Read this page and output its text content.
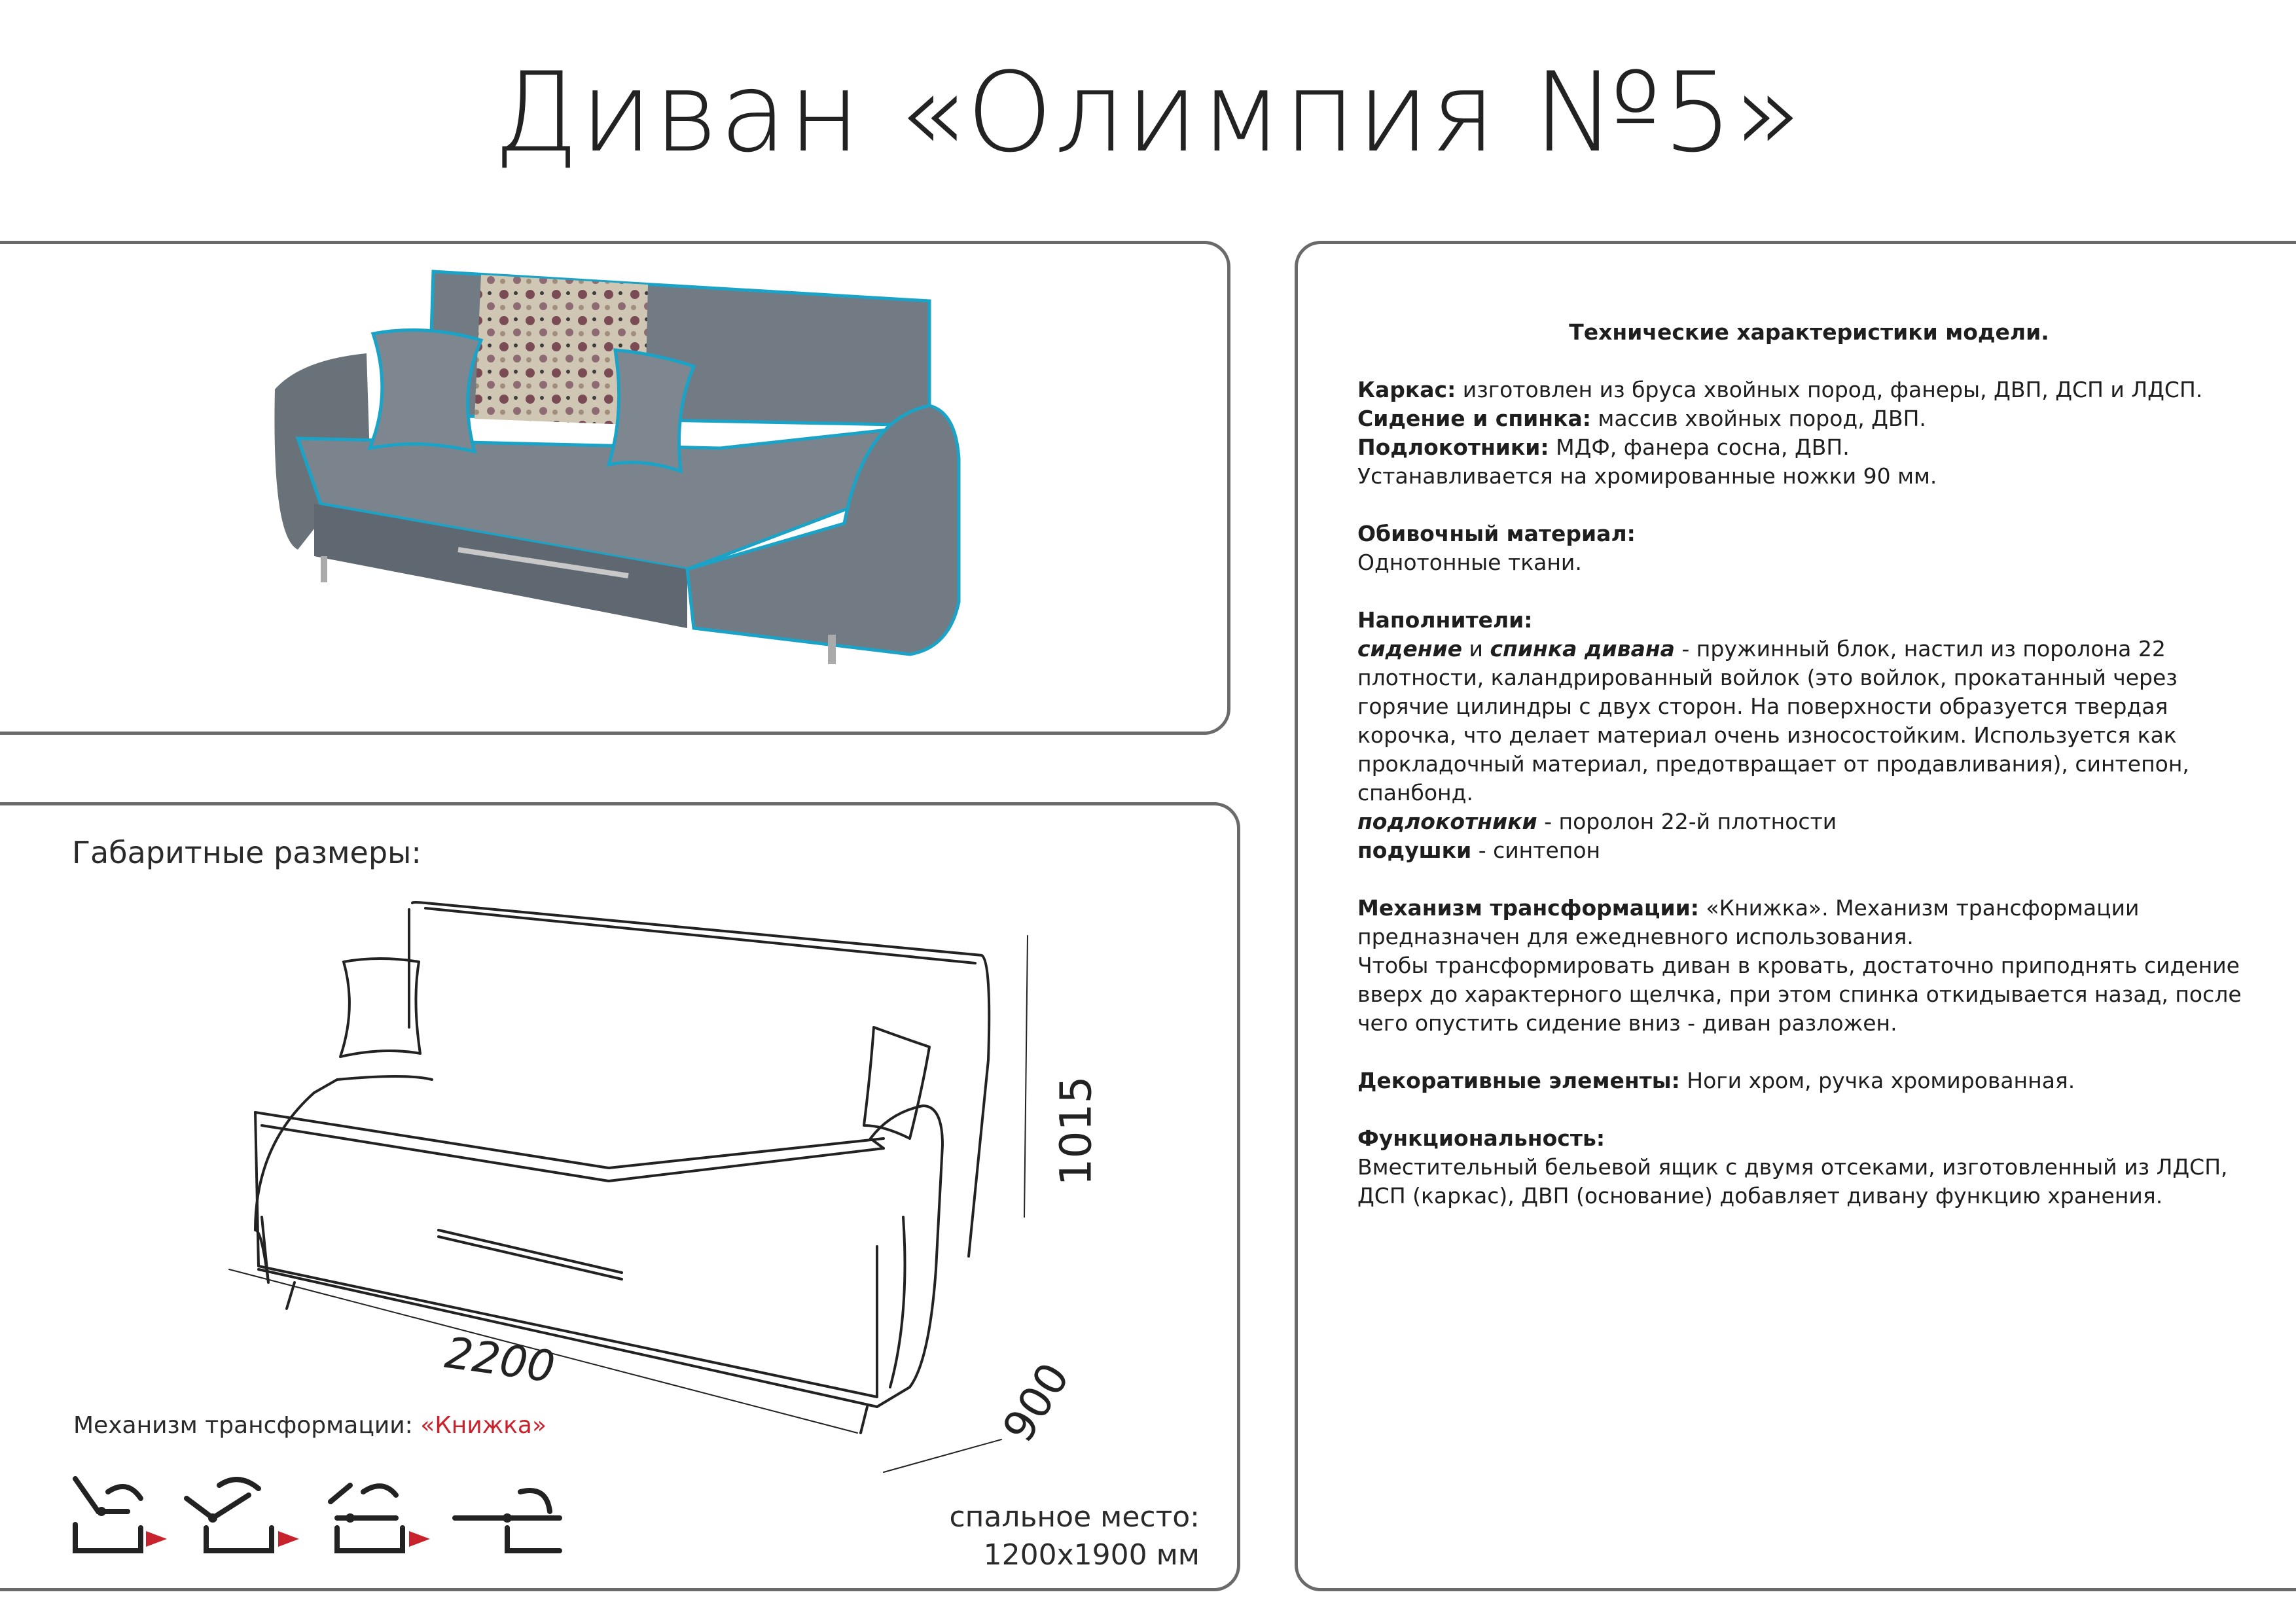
Диван «Олимпия №5»
Габаритные размеры:
2200
1015
900
Механизм трансформации: «Книжка»
спальное место:
1200х1900 мм

Технические характеристики модели.

Каркас: изготовлен из бруса хвойных пород, фанеры, ДВП, ДСП и ЛДСП.

Сидение и спинка: массив хвойных пород, ДВП.

Подлокотники: МДФ, фанера сосна, ДВП.

Устанавливается на хромированные ножки 90 мм.

Обивочный материал:

Однотонные ткани.

Наполнители:

сидение и спинка дивана - пружинный блок, настил из поролона 22 плотности, каландрированный войлок (это войлок, прокатанный через горячие цилиндры с двух сторон. На поверхности образуется твердая корочка, что делает материал очень износостойким. Используется как прокладочный материал, предотвращает от продавливания), синтепон, спанбонд.

подлокотники - поролон 22-й плотности

подушки - синтепон

Механизм трансформации: «Книжка». Механизм трансформации предназначен для ежедневного использования.

Чтобы трансформировать диван в кровать, достаточно приподнять сидение вверх до характерного щелчка, при этом спинка откидывается назад, после чего опустить сидение вниз - диван разложен.

Декоративные элементы: Ноги хром, ручка хромированная.

Функциональность:

Вместительный бельевой ящик с двумя отсеками, изготовленный из ЛДСП, ДСП (каркас), ДВП (основание) добавляет дивану функцию хранения.
